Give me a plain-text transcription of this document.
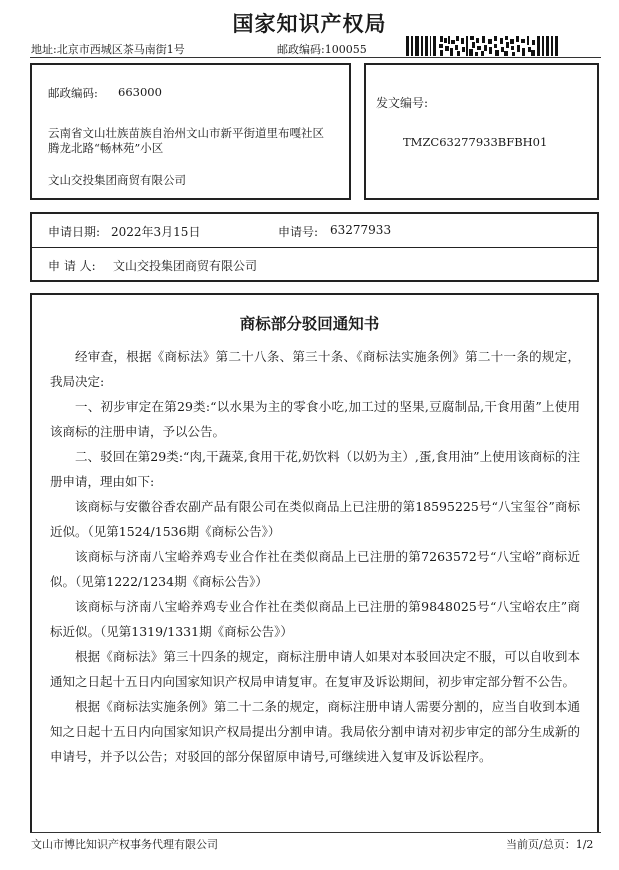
国家知识产权局
地址:北京市西城区茶马南街1号	邮政编码:100055
邮政编码: 663000
云南省文山壮族苗族自治州文山市新平街道里布嘎社区
腾龙北路“畅林苑”小区
文山交投集团商贸有限公司
发文编号:
TMZC63277933BFBH01
申请日期: 2022年3月15日	申请号: 63277933
申 请 人: 文山交投集团商贸有限公司
商标部分驳回通知书

经审查，根据《商标法》第二十八条、第三十条、《商标法实施条例》第二十一条的规定，我局决定:

一、初步审定在第29类:“以水果为主的零食小吃,加工过的坚果,豆腐制品,干食用菌”上使用该商标的注册申请，予以公告。

二、驳回在第29类:“肉,干蔬菜,食用干花,奶饮料（以奶为主）,蛋,食用油”上使用该商标的注册申请，理由如下:

该商标与安徽谷香农副产品有限公司在类似商品上已注册的第18595225号“八宝玺谷”商标近似。（见第1524/1536期《商标公告》）

该商标与济南八宝峪养鸡专业合作社在类似商品上已注册的第7263572号“八宝峪”商标近似。（见第1222/1234期《商标公告》）

该商标与济南八宝峪养鸡专业合作社在类似商品上已注册的第9848025号“八宝峪农庄”商标近似。（见第1319/1331期《商标公告》）

根据《商标法》第三十四条的规定，商标注册申请人如果对本驳回决定不服，可以自收到本通知之日起十五日内向国家知识产权局申请复审。在复审及诉讼期间，初步审定部分暂不公告。

根据《商标法实施条例》第二十二条的规定，商标注册申请人需要分割的，应当自收到本通知之日起十五日内向国家知识产权局提出分割申请。我局依分割申请对初步审定的部分生成新的申请号，并予以公告；对驳回的部分保留原申请号,可继续进入复审及诉讼程序。

文山市博比知识产权事务代理有限公司	当前页/总页：1/2
